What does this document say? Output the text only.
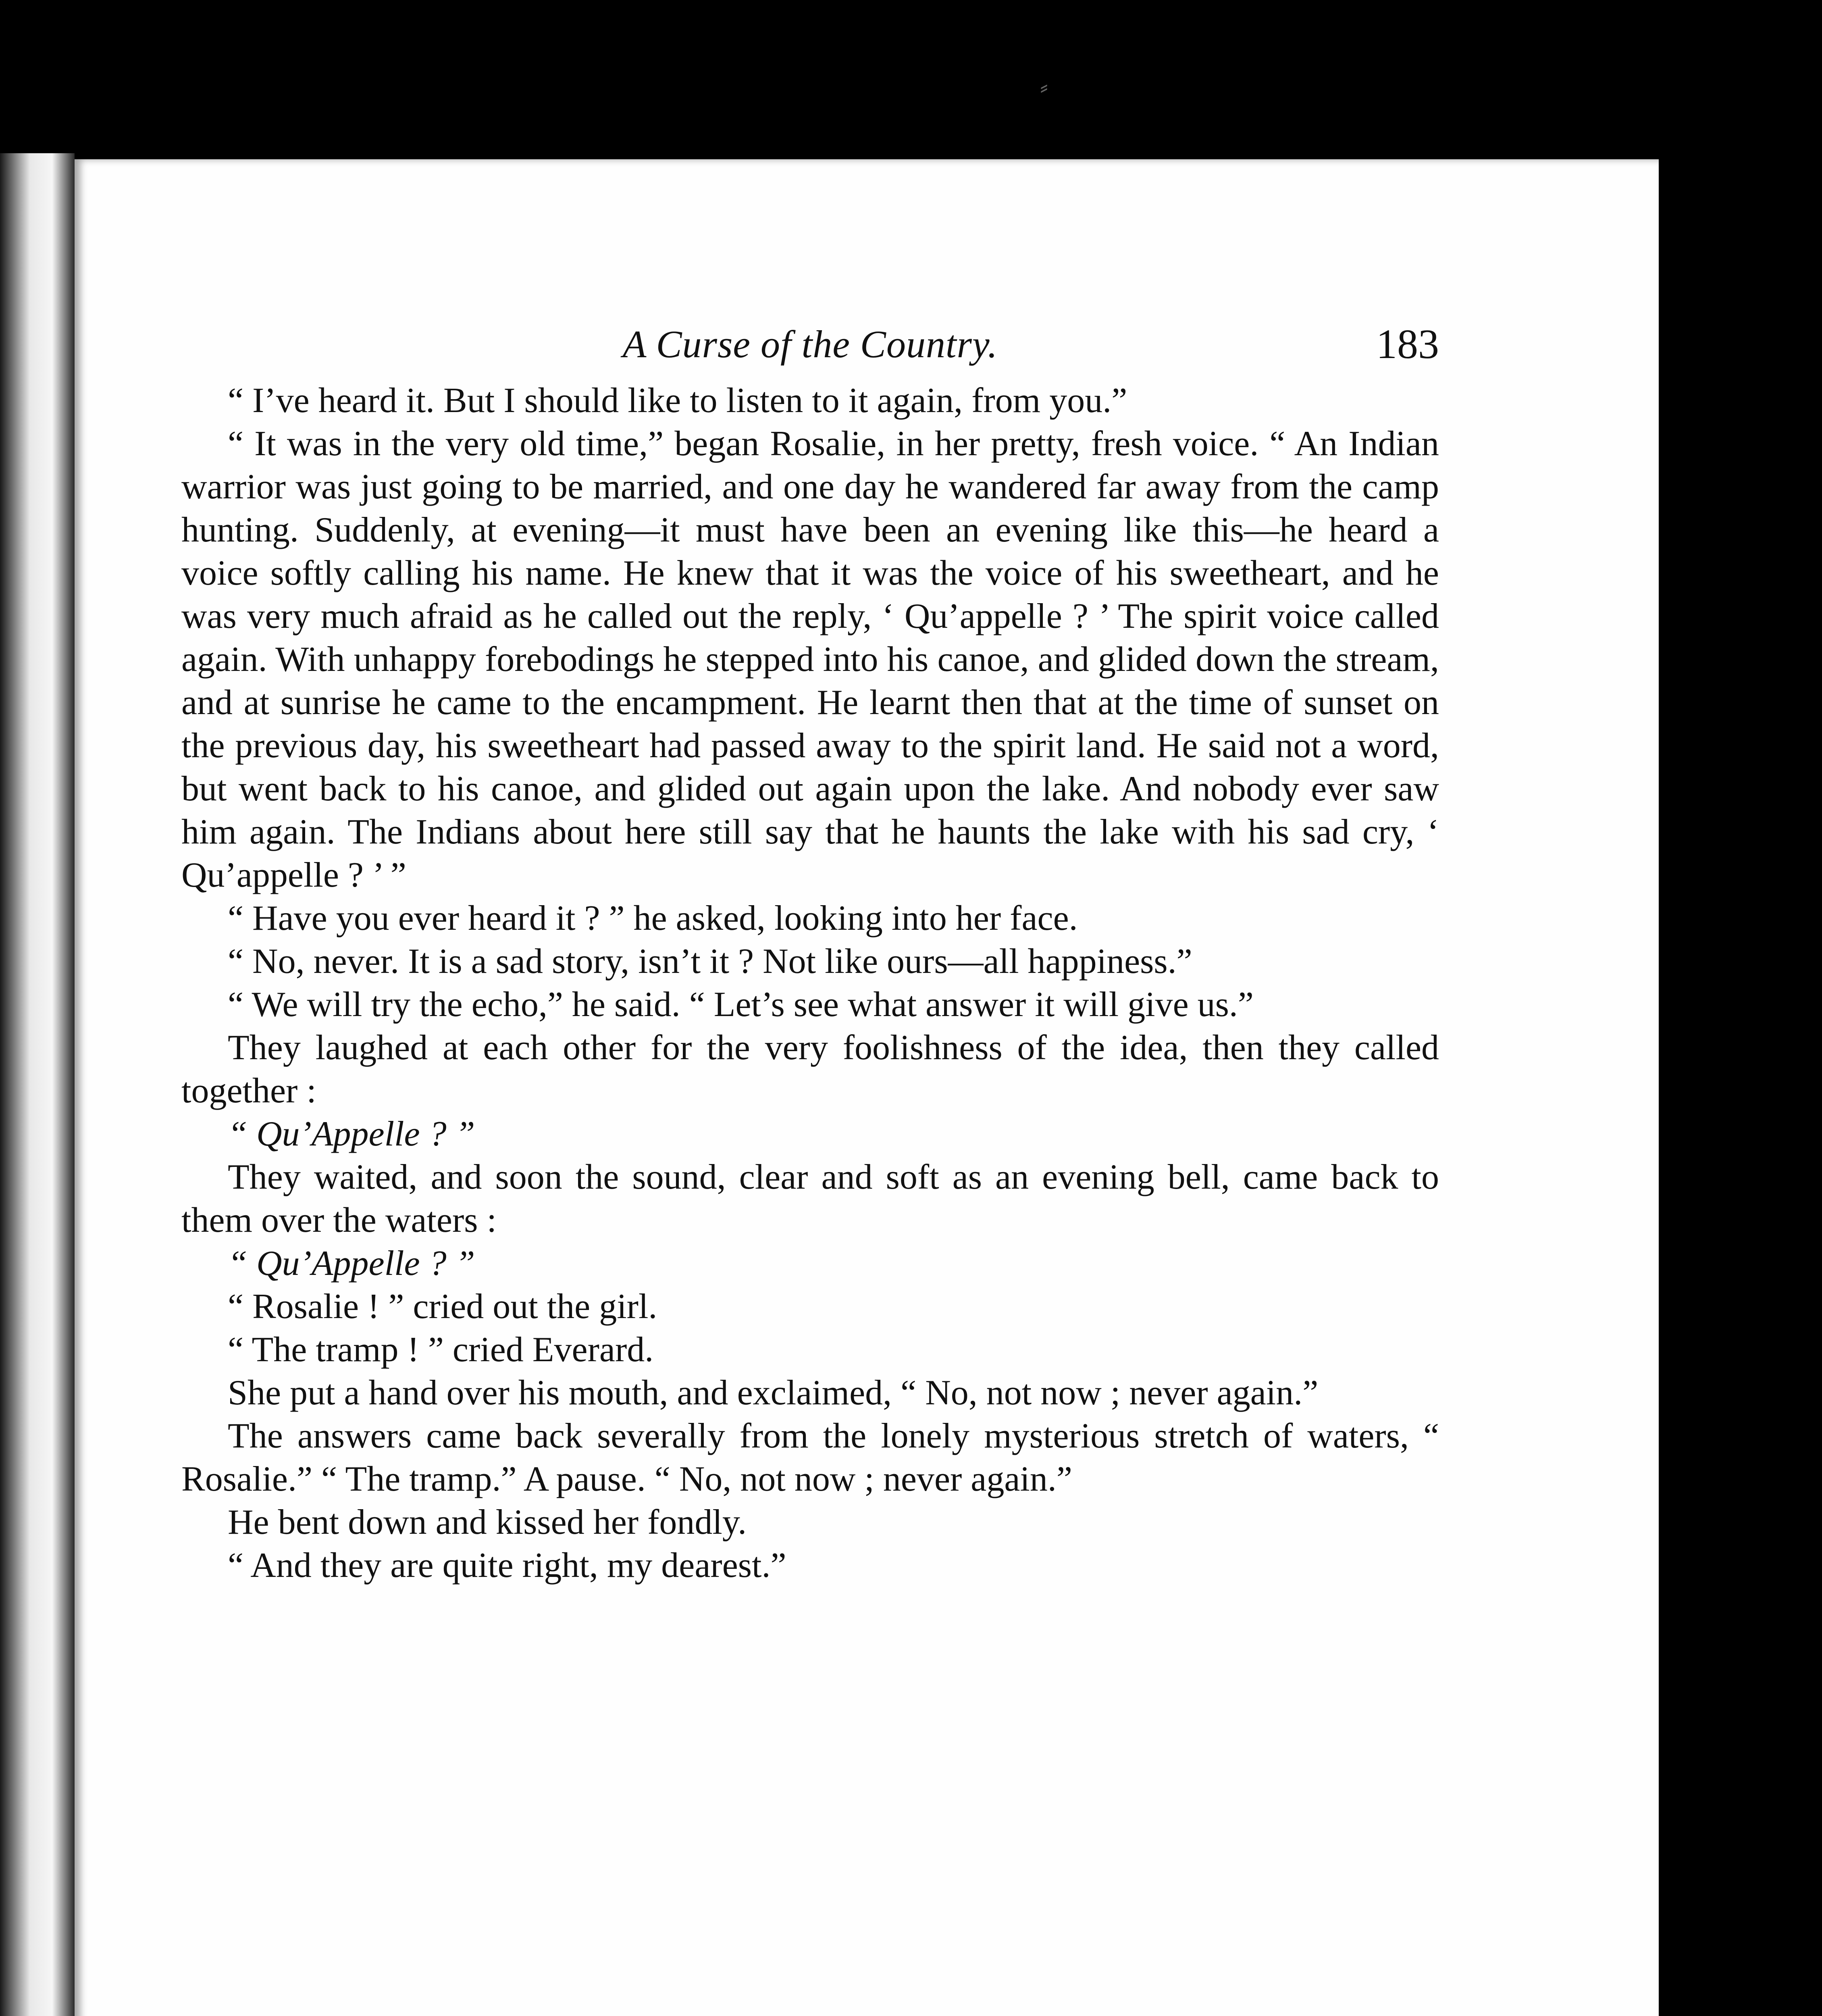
⸗
A Curse of the Country.	183

“ I’ve heard it. But I should like to listen to it again, from you.”

“ It was in the very old time,” began Rosalie, in her pretty, fresh voice. “ An Indian warrior was just going to be married, and one day he wandered far away from the camp hunting. Suddenly, at evening—it must have been an evening like this—he heard a voice softly calling his name. He knew that it was the voice of his sweetheart, and he was very much afraid as he called out the reply, ‘ Qu’appelle ? ’ The spirit voice called again. With unhappy forebodings he stepped into his canoe, and glided down the stream, and at sunrise he came to the encampment. He learnt then that at the time of sunset on the previous day, his sweetheart had passed away to the spirit land. He said not a word, but went back to his canoe, and glided out again upon the lake. And nobody ever saw him again. The Indians about here still say that he haunts the lake with his sad cry, ‘ Qu’appelle ? ’ ”

“ Have you ever heard it ? ” he asked, looking into her face.

“ No, never. It is a sad story, isn’t it ? Not like ours—all happiness.”

“ We will try the echo,” he said. “ Let’s see what answer it will give us.”

They laughed at each other for the very foolishness of the idea, then they called together :

“ Qu’Appelle ? ”

They waited, and soon the sound, clear and soft as an evening bell, came back to them over the waters :

“ Qu’Appelle ? ”

“ Rosalie ! ” cried out the girl.

“ The tramp ! ” cried Everard.

She put a hand over his mouth, and exclaimed, “ No, not now ; never again.”

The answers came back severally from the lonely mysterious stretch of waters, “ Rosalie.” “ The tramp.” A pause. “ No, not now ; never again.”

He bent down and kissed her fondly.

“ And they are quite right, my dearest.”
